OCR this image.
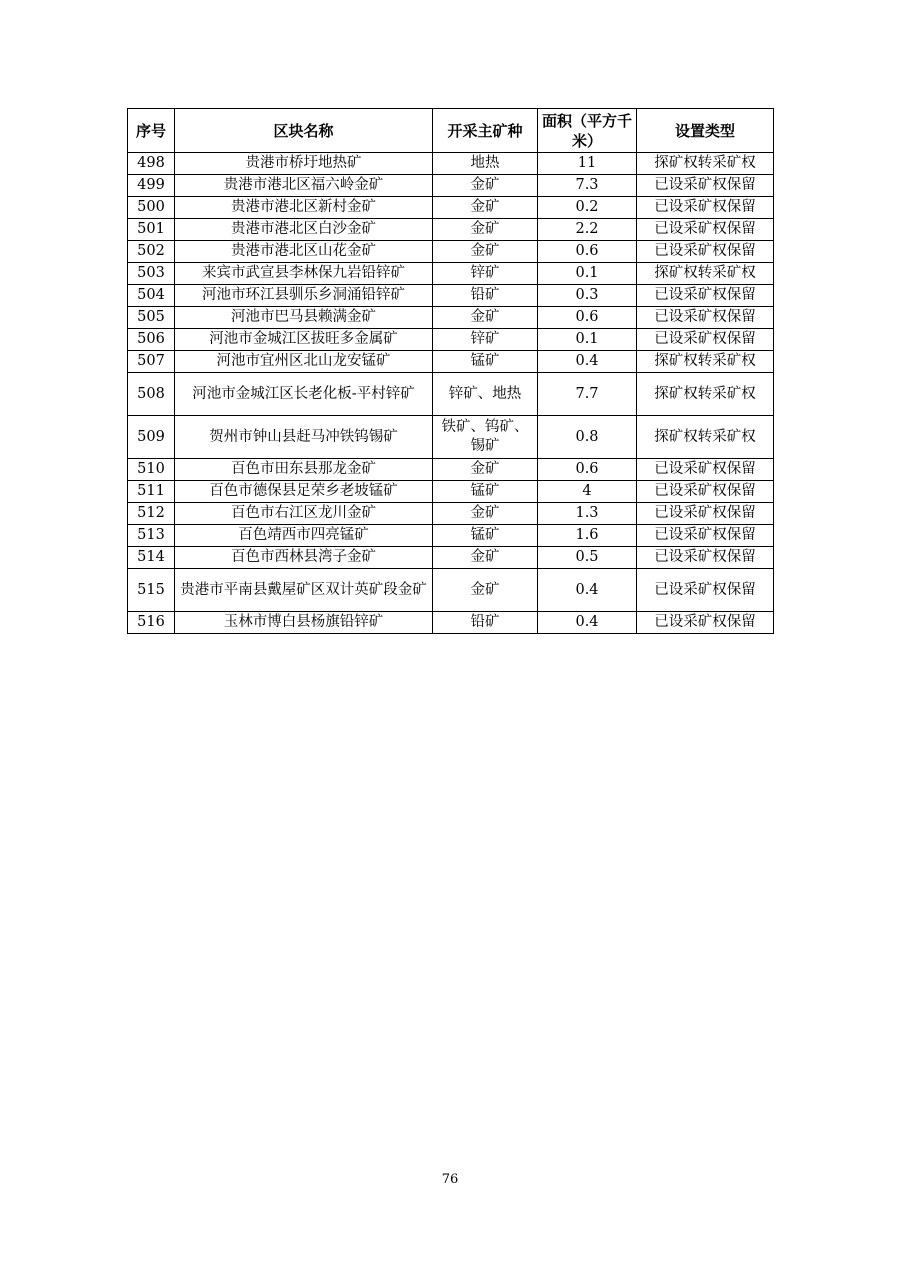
序号	区块名称	开采主矿种	面积（平方千米）	设置类型
498	贵港市桥圩地热矿	地热	11	探矿权转采矿权
499	贵港市港北区福六岭金矿	金矿	7.3	已设采矿权保留
500	贵港市港北区新村金矿	金矿	0.2	已设采矿权保留
501	贵港市港北区白沙金矿	金矿	2.2	已设采矿权保留
502	贵港市港北区山花金矿	金矿	0.6	已设采矿权保留
503	来宾市武宣县李林保九岩铅锌矿	锌矿	0.1	探矿权转采矿权
504	河池市环江县驯乐乡洞涌铅锌矿	铅矿	0.3	已设采矿权保留
505	河池市巴马县赖满金矿	金矿	0.6	已设采矿权保留
506	河池市金城江区拔旺多金属矿	锌矿	0.1	已设采矿权保留
507	河池市宜州区北山龙安锰矿	锰矿	0.4	探矿权转采矿权
508	河池市金城江区长老化板-平村锌矿	锌矿、地热	7.7	探矿权转采矿权
509	贺州市钟山县赶马冲铁钨锡矿	铁矿、钨矿、锡矿	0.8	探矿权转采矿权
510	百色市田东县那龙金矿	金矿	0.6	已设采矿权保留
511	百色市德保县足荣乡老坡锰矿	锰矿	4	已设采矿权保留
512	百色市右江区龙川金矿	金矿	1.3	已设采矿权保留
513	百色靖西市四亮锰矿	锰矿	1.6	已设采矿权保留
514	百色市西林县湾子金矿	金矿	0.5	已设采矿权保留
515	贵港市平南县戴屋矿区双计英矿段金矿	金矿	0.4	已设采矿权保留
516	玉林市博白县杨旗铅锌矿	铅矿	0.4	已设采矿权保留
76
